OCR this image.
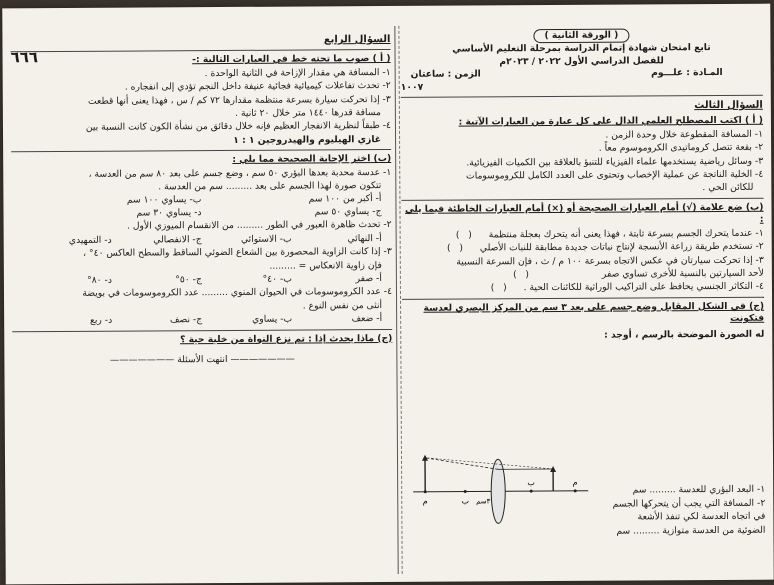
٦٦٦
( الورقة الثانية )
تابع امتحان شهادة إتمام الدراسة بمرحلة التعليم الأساسي
للفصل الدراسي الأول ٢٠٢٢ / ٢٠٢٣م
المـادة : علـــوم
الزمن : ساعتان
١٠٠٧
السؤال الثالث
( أ ) اكتب المصطلح العلمي الدال على كل عبارة من العبارات الآتية :
١- المسافة المقطوعة خلال وحدة الزمن .
٢- بقعة تتصل كروماتيدى الكروموسوم معاً .
٣- وسائل رياضية يستخدمها علماء الفيزياء للتنبؤ بالعلاقة بين الكميات الفيزيائية.
٤- الخلية الناتجة عن عملية الإخصاب وتحتوى على العدد الكامل للكروموسومات
للكائن الحي .
(ب) ضع علامة (√) أمام العبارات الصحيحة أو (×) أمام العبارات الخاطئة فيما يلي :
١- عندما يتحرك الجسم بسرعة ثابتة ، فهذا يعنى أنه يتحرك بعجلة منتظمة (   )
٢- تستخدم طريقة زراعة الأنسجة لإنتاج نباتات جديدة مطابقة للنبات الأصلي (   )
٣- إذا تحركت سيارتان في عكس الاتجاه بسرعة ١٠٠ م / ث ، فإن السرعة النسبية
لأحد السيارتين بالنسبة للأخرى تساوي صفر (   )
٤- التكاثر الجنسي يحافظ على التراكيب الوراثية للكائنات الحية . (   )
(ج) في الشكل المقابل وضع جسم على بعد ٣ سم من المركز البصري لعدسة فتكونت
له الصورة الموضحة بالرسم ، أوجد :
١- البعد البؤري للعدسة ......... سم
٢- المسافة التي يجب أن يتحركها الجسم
في اتجاه العدسة لكي تنفذ الأشعة
الضوئية من العدسة متوازية ......... سم
م
ب
م	ب ٣سم
السؤال الرابع
( أ ) صوب ما تحته خط في العبارات التالية :-
١- المسافة هي مقدار الإزاحة في الثانية الواحدة .
٢- تحدث تفاعلات كيميائية فجائية عنيفة داخل النجم تؤدي إلى انفجاره .
٣- إذا تحركت سيارة بسرعة منتظمة مقدارها ٧٢ كم / س ، فهذا يعنى أنها قطعت
مسافة قدرها ١٤٤٠ متر خلال ٢٠ ثانية .
٤- طبقاً لنظرية الانفجار العظيم فإنه خلال دقائق من نشأة الكون كانت النسبة بين
غازي الهيليوم والهيدروجين ١ : ١
(ب) اختر الإجابة الصحيحة مما يلي :
١- عدسة محدبة بعدها البؤري ٥٠ سم ، وضع جسم على بعد ٨٠ سم من العدسة ،
تتكون صورة لهذا الجسم على بعد ......... سم من العدسة .
أ- أكبر من ١٠٠ سم
ب- يساوي ١٠٠ سم
ج- يساوي ٥٠ سم
د- يساوي ٣٠ سم
٢- تحدث ظاهرة العبور في الطور ......... من الانقسام الميوزي الأول .
أ- النهائي
ب- الاستوائي
ج- الانفصالي
د- التمهيدي
٣- إذا كانت الزاوية المحصورة بين الشعاع الضوئي الساقط والسطح العاكس ٤٠° ،
فإن زاوية الانعكاس = .........
أ- صفر
ب- ٤٠°
ج- ٥٠°
د- ٨٠°
٤- عدد الكروموسومات في الحيوان المنوي ......... عدد الكروموسومات في بويضة
أنثى من نفس النوع .
أ- ضعف
ب- يساوي
ج- نصف
د- ربع
(ج) ماذا يحدث إذا : تم نزع النواة من خلية حية ؟
——————— انتهت الأسئلة ———————
